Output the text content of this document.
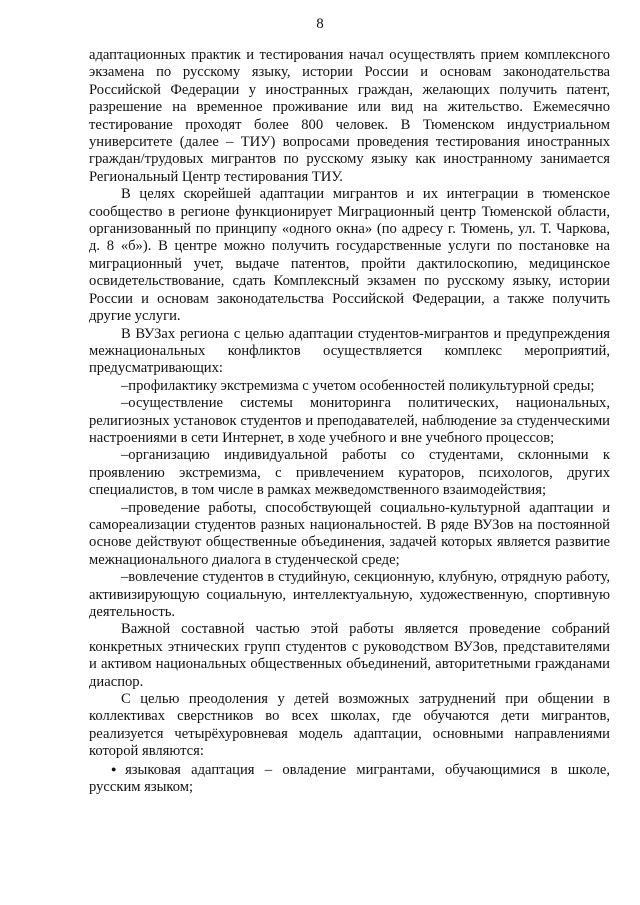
8

адаптационных практик и тестирования начал осуществлять прием комплексного экзамена по русскому языку, истории России и основам законодательства Российской Федерации у иностранных граждан, желающих получить патент, разрешение на временное проживание или вид на жительство. Ежемесячно тестирование проходят более 800 человек. В Тюменском индустриальном университете (далее – ТИУ) вопросами проведения тестирования иностранных граждан/трудовых мигрантов по русскому языку как иностранному занимается Региональный Центр тестирования ТИУ.

В целях скорейшей адаптации мигрантов и их интеграции в тюменское сообщество в регионе функционирует Миграционный центр Тюменской области, организованный по принципу «одного окна» (по адресу г. Тюмень, ул. Т. Чаркова, д. 8 «б»). В центре можно получить государственные услуги по постановке на миграционный учет, выдаче патентов, пройти дактилоскопию, медицинское освидетельствование, сдать Комплексный экзамен по русскому языку, истории России и основам законодательства Российской Федерации, а также получить другие услуги.

В ВУЗах региона с целью адаптации студентов-мигрантов и предупреждения межнациональных конфликтов осуществляется комплекс мероприятий, предусматривающих:

–профилактику экстремизма с учетом особенностей поликультурной среды;

–осуществление системы мониторинга политических, национальных, религиозных установок студентов и преподавателей, наблюдение за студенческими настроениями в сети Интернет, в ходе учебного и вне учебного процессов;

–организацию индивидуальной работы со студентами, склонными к проявлению экстремизма, с привлечением кураторов, психологов, других специалистов, в том числе в рамках межведомственного взаимодействия;

–проведение работы, способствующей социально-культурной адаптации и самореализации студентов разных национальностей. В ряде ВУЗов на постоянной основе действуют общественные объединения, задачей которых является развитие межнационального диалога в студенческой среде;

–вовлечение студентов в студийную, секционную, клубную, отрядную работу, активизирующую социальную, интеллектуальную, художественную, спортивную деятельность.

Важной составной частью этой работы является проведение собраний конкретных этнических групп студентов с руководством ВУЗов, представителями и активом национальных общественных объединений, авторитетными гражданами диаспор.

С целью преодоления у детей возможных затруднений при общении в коллективах сверстников во всех школах, где обучаются дети мигрантов, реализуется четырёхуровневая модель адаптации, основными направлениями которой являются:

● языковая адаптация – овладение мигрантами, обучающимися в школе, русским языком;
